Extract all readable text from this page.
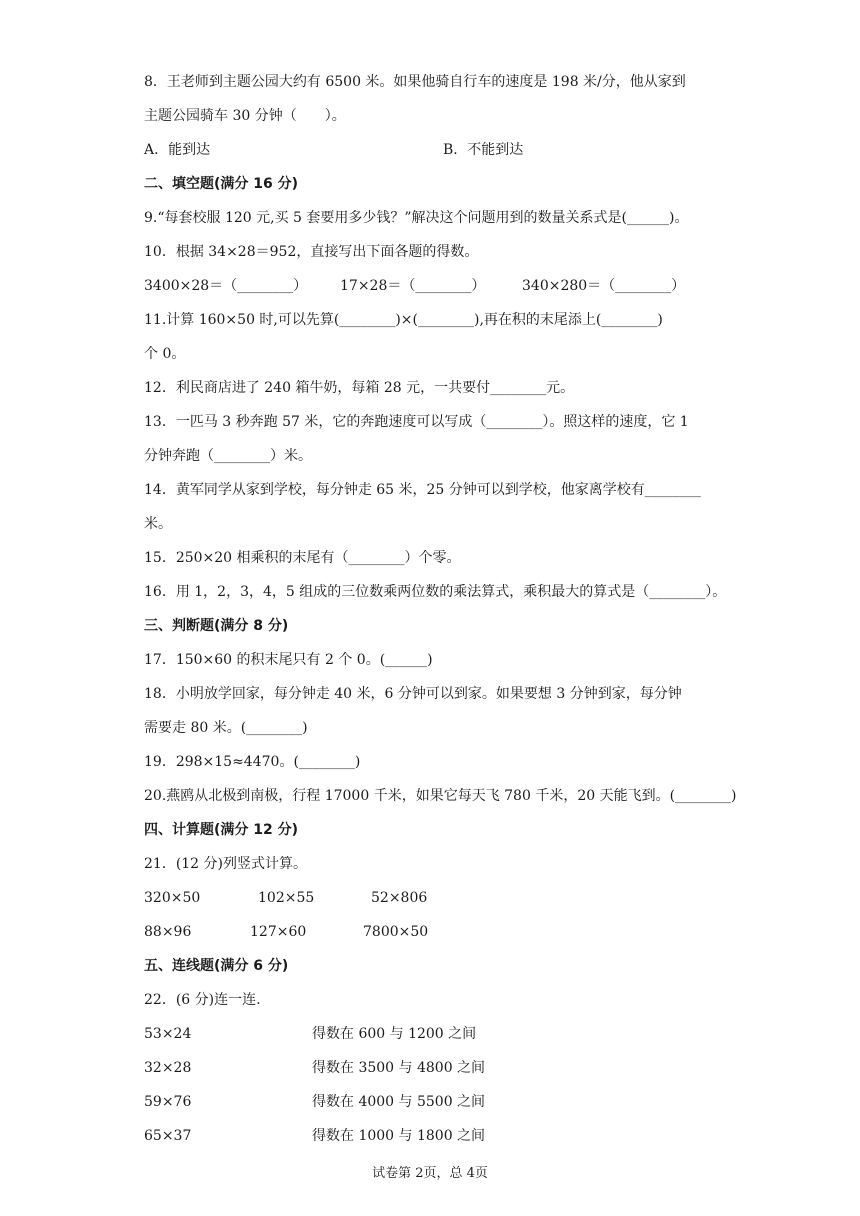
8．王老师到主题公园大约有 6500 米。如果他骑自行车的速度是 198 米/分，他从家到
主题公园骑车 30 分钟（　　）。
A．能到达	B．不能到达
二、填空题(满分 16 分)
9.“每套校服 120 元,买 5 套要用多少钱？”解决这个问题用到的数量关系式是(______)。
10．根据 34×28＝952，直接写出下面各题的得数。
3400×28＝（________） 17×28＝（________）	340×280＝（________）
11.计算 160×50 时,可以先算(________)×(________),再在积的末尾添上(________)
个 0。
12．利民商店进了 240 箱牛奶，每箱 28 元，一共要付________元。
13．一匹马 3 秒奔跑 57 米，它的奔跑速度可以写成（________）。照这样的速度，它 1
分钟奔跑（________）米。
14．黄军同学从家到学校，每分钟走 65 米，25 分钟可以到学校，他家离学校有________
米。
15．250×20 相乘积的末尾有（________）个零。
16．用 1，2，3，4，5 组成的三位数乘两位数的乘法算式，乘积最大的算式是（________）。
三、判断题(满分 8 分)
17．150×60 的积末尾只有 2 个 0。(______)
18．小明放学回家，每分钟走 40 米，6 分钟可以到家。如果要想 3 分钟到家，每分钟
需要走 80 米。(________)
19．298×15≈4470。(________)
20.燕鸥从北极到南极，行程 17000 千米，如果它每天飞 780 千米，20 天能飞到。(________)
四、计算题(满分 12 分)
21．(12 分)列竖式计算。
320×50	102×55	52×806
88×96	127×60	7800×50
五、连线题(满分 6 分)
22．(6 分)连一连.
53×24	得数在 600 与 1200 之间
32×28	得数在 3500 与 4800 之间
59×76	得数在 4000 与 5500 之间
65×37	得数在 1000 与 1800 之间
试卷第 2页，总 4页
